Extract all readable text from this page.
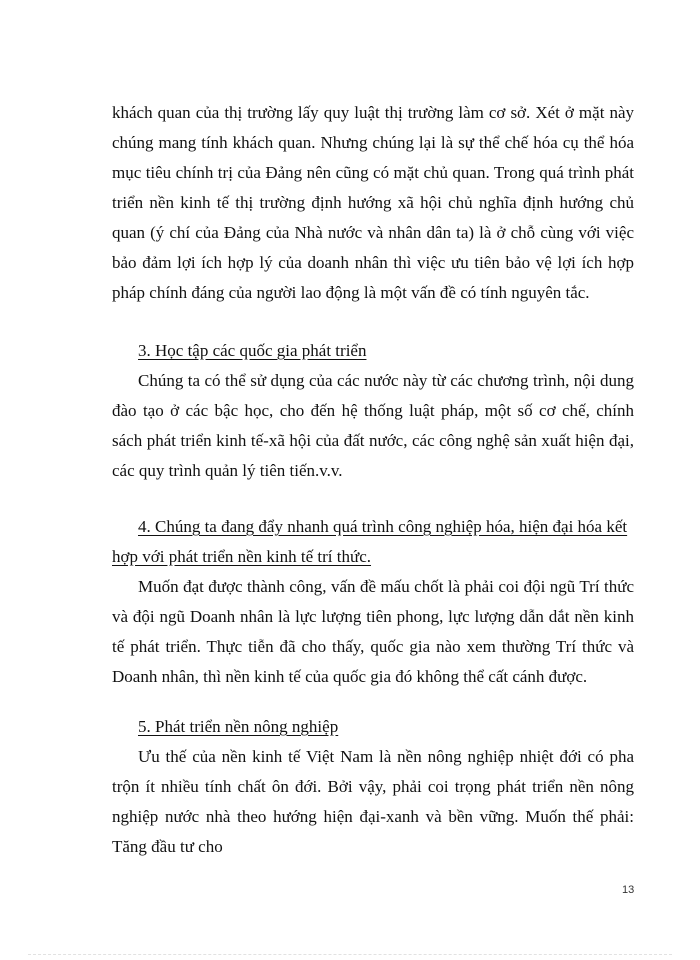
khách quan của thị trường lấy quy luật thị trường làm cơ sở. Xét ở mặt này chúng mang tính khách quan. Nhưng chúng lại là sự thể chế hóa cụ thể hóa mục tiêu chính trị của Đảng nên cũng có mặt chủ quan. Trong quá trình phát triển nền kinh tế thị trường định hướng xã hội chủ nghĩa định hướng chủ quan (ý chí của Đảng của Nhà nước và nhân dân ta) là ở chỗ cùng với việc bảo đảm lợi ích hợp lý của doanh nhân thì việc ưu tiên bảo vệ lợi ích hợp pháp chính đáng của người lao động là một vấn đề có tính nguyên tắc.

3. Học tập các quốc gia phát triển

Chúng ta có thể sử dụng của các nước này từ các chương trình, nội dung đào tạo ở các bậc học, cho đến hệ thống luật pháp, một số cơ chế, chính sách phát triển kinh tế-xã hội của đất nước, các công nghệ sản xuất hiện đại, các quy trình quản lý tiên tiến.v.v.

4. Chúng ta đang đẩy nhanh quá trình công nghiệp hóa, hiện đại hóa kết hợp với phát triển nền kinh tế trí thức.

Muốn đạt được thành công, vấn đề mấu chốt là phải coi đội ngũ Trí thức và đội ngũ Doanh nhân là lực lượng tiên phong, lực lượng dẫn dắt nền kinh tế phát triển. Thực tiễn đã cho thấy, quốc gia nào xem thường Trí thức và Doanh nhân, thì nền kinh tế của quốc gia đó không thể cất cánh được.

5. Phát triển nền nông nghiệp

Ưu thế của nền kinh tế Việt Nam là nền nông nghiệp nhiệt đới có pha trộn ít nhiều tính chất ôn đới. Bởi vậy, phải coi trọng phát triển nền nông nghiệp nước nhà theo hướng hiện đại-xanh và bền vững. Muốn thế phải: Tăng đầu tư cho

13
